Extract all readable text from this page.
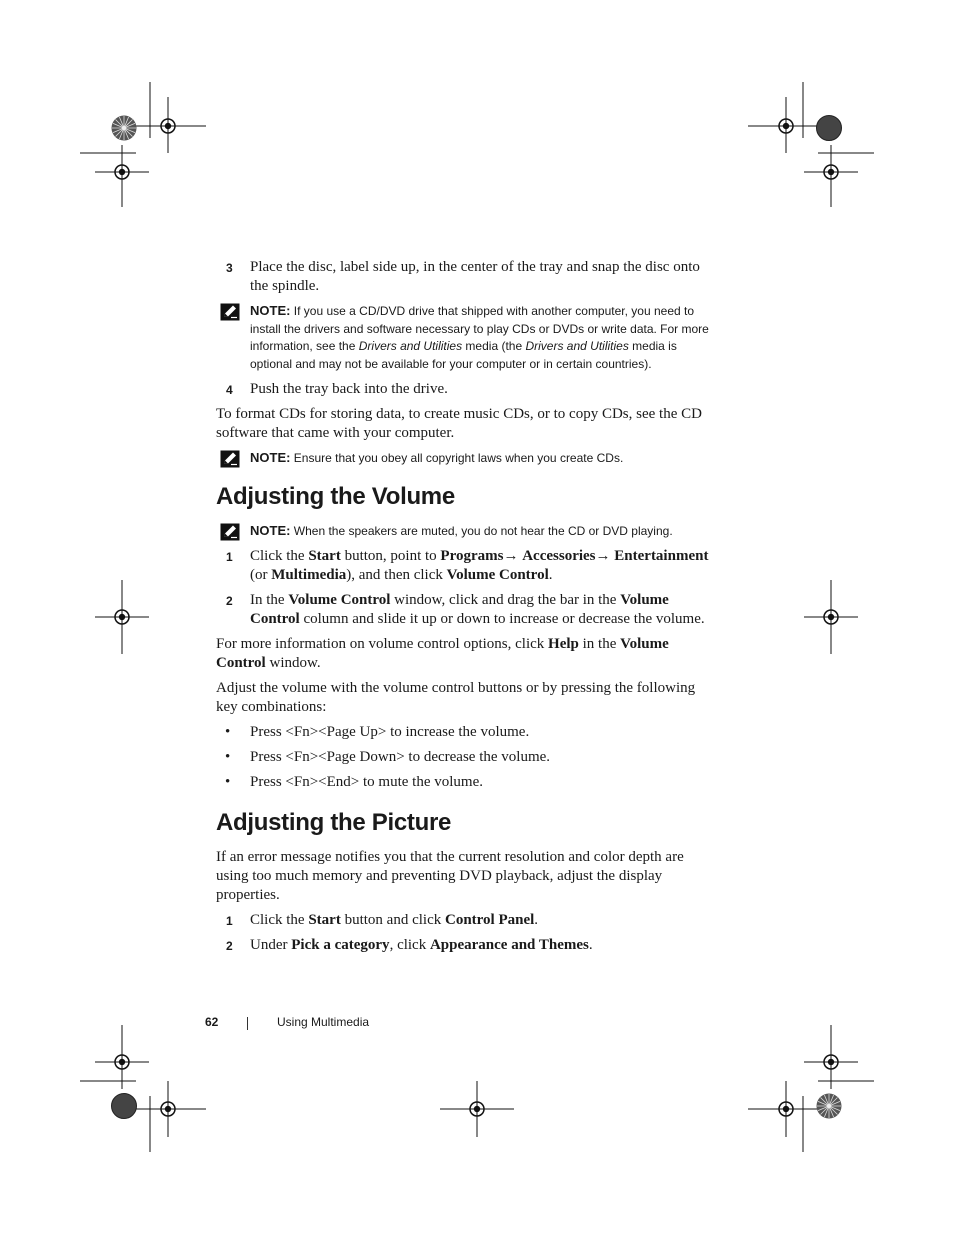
3 Place the disc, label side up, in the center of the tray and snap the disc onto the spindle.
NOTE: If you use a CD/DVD drive that shipped with another computer, you need to install the drivers and software necessary to play CDs or DVDs or write data. For more information, see the Drivers and Utilities media (the Drivers and Utilities media is optional and may not be available for your computer or in certain countries).
4 Push the tray back into the drive.

To format CDs for storing data, to create music CDs, or to copy CDs, see the CD software that came with your computer.

NOTE: Ensure that you obey all copyright laws when you create CDs.
Adjusting the Volume
NOTE: When the speakers are muted, you do not hear the CD or DVD playing.
1 Click the Start button, point to Programs→ Accessories→ Entertainment (or Multimedia), and then click Volume Control.
2 In the Volume Control window, click and drag the bar in the Volume Control column and slide it up or down to increase or decrease the volume.

For more information on volume control options, click Help in the Volume Control window.

Adjust the volume with the volume control buttons or by pressing the following key combinations:

• Press <Fn><Page Up> to increase the volume.
• Press <Fn><Page Down> to decrease the volume.
• Press <Fn><End> to mute the volume.
Adjusting the Picture

If an error message notifies you that the current resolution and color depth are using too much memory and preventing DVD playback, adjust the display properties.

1 Click the Start button and click Control Panel.
2 Under Pick a category, click Appearance and Themes.
62	Using Multimedia
